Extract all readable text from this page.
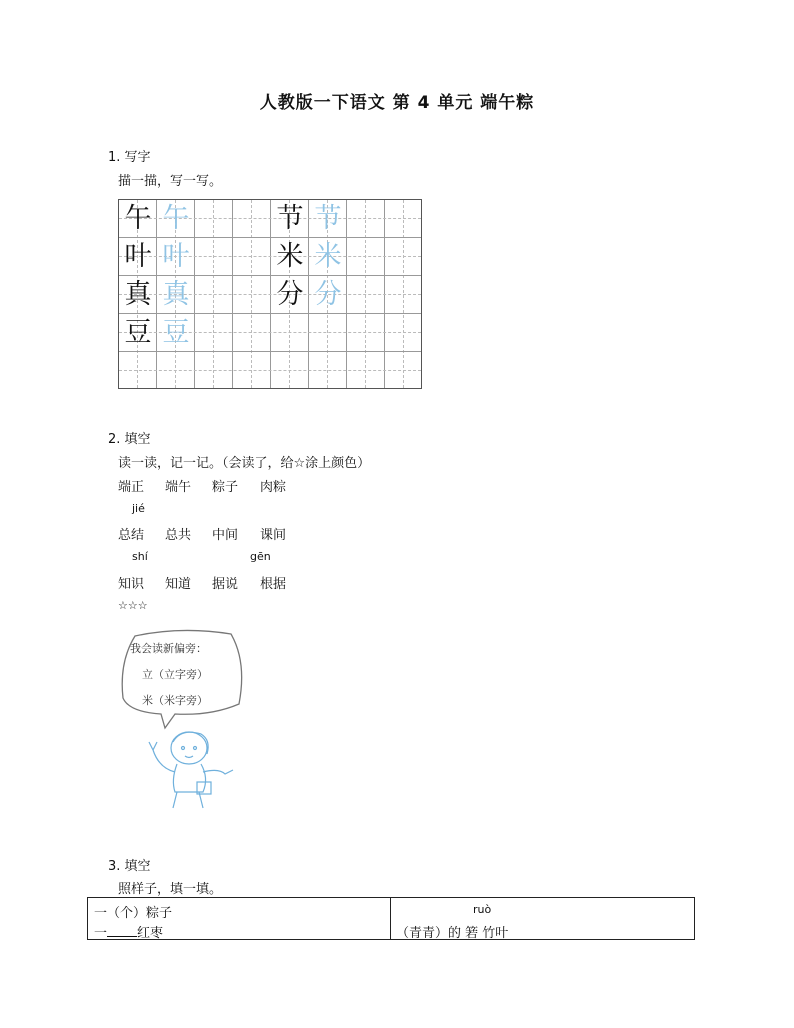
人教版一下语文 第 4 单元 端午粽
1. 写字
描一描，写一写。
午 午
叶 叶
真 真
豆 豆
节 节
米 米
分 分
2. 填空
读一读，记一记。（会读了，给☆涂上颜色）
端正 端午 粽子 肉粽
jié
总结 总共 中间 课间
shí	gēn
知识 知道 据说 根据
☆☆☆
我会读新偏旁：
立（立字旁）
米（米字旁）
3. 填空
照样子，填一填。
一（个）粽子
一 红枣
ruò
（青青）的 箬 竹叶
